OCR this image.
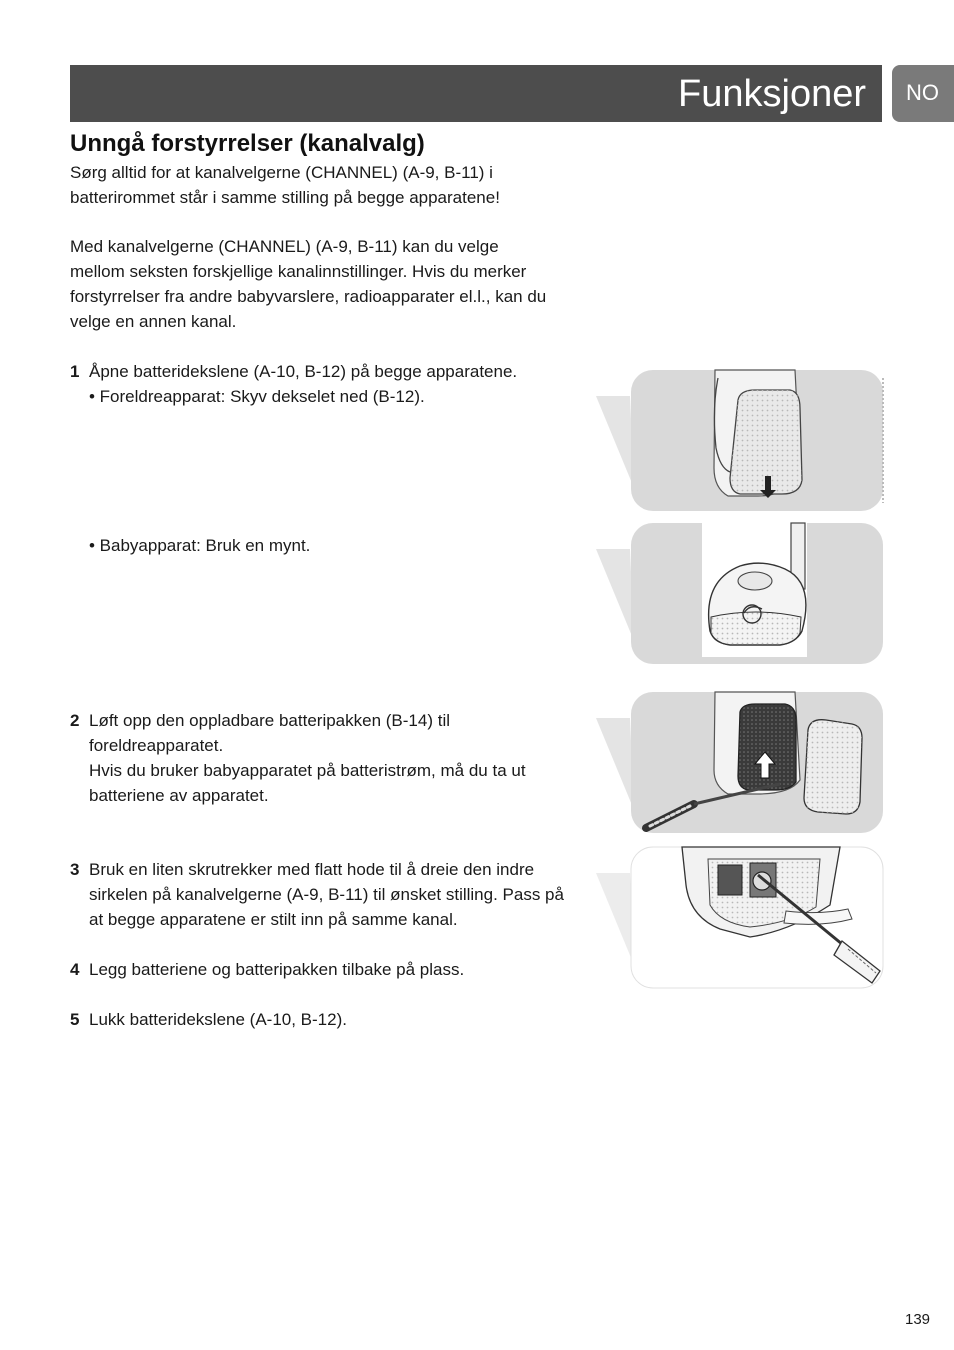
Funksjoner NO
Unngå forstyrrelser (kanalvalg)

Sørg alltid for at kanalvelgerne (CHANNEL) (A-9, B-11) i
batterirommet står i samme stilling på begge apparatene!

Med kanalvelgerne (CHANNEL) (A-9, B-11) kan du velge
mellom seksten forskjellige kanalinnstillinger. Hvis du merker
forstyrrelser fra andre babyvarslere, radioapparater el.l., kan du
velge en annen kanal.

1 Åpne batteridekslene (A-10, B-12) på begge apparatene.
• Foreldreapparat: Skyv dekselet ned (B-12).
• Babyapparat: Bruk en mynt.
2 Løft opp den oppladbare batteripakken (B-14) til
foreldreapparatet.
Hvis du bruker babyapparatet på batteristrøm, må du ta ut
batteriene av apparatet.
3 Bruk en liten skrutrekker med flatt hode til å dreie den indre
sirkelen på kanalvelgerne (A-9, B-11) til ønsket stilling. Pass på
at begge apparatene er stilt inn på samme kanal.
4 Legg batteriene og batteripakken tilbake på plass.
5 Lukk batteridekslene (A-10, B-12).
139
